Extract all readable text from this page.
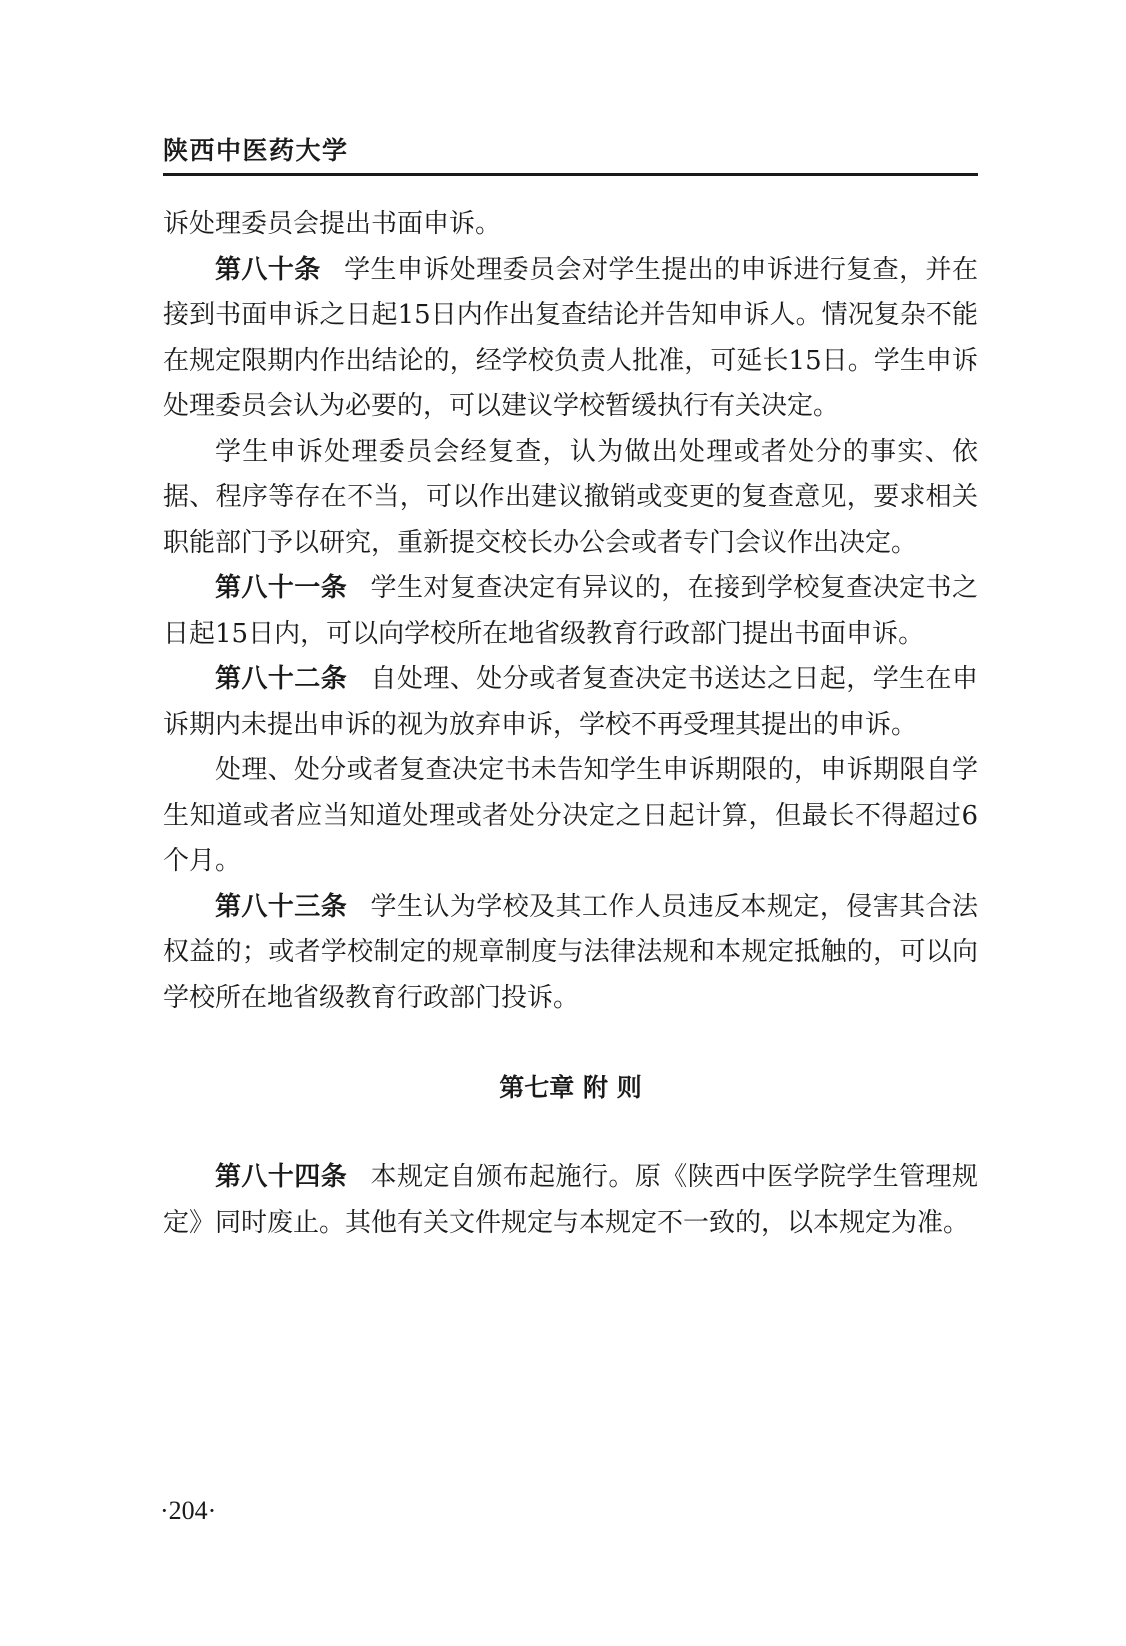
陕西中医药大学

诉处理委员会提出书面申诉。

第八十条 学生申诉处理委员会对学生提出的申诉进行复查，并在接到书面申诉之日起15日内作出复查结论并告知申诉人。情况复杂不能在规定限期内作出结论的，经学校负责人批准，可延长15日。学生申诉处理委员会认为必要的，可以建议学校暂缓执行有关决定。

学生申诉处理委员会经复查，认为做出处理或者处分的事实、依据、程序等存在不当，可以作出建议撤销或变更的复查意见，要求相关职能部门予以研究，重新提交校长办公会或者专门会议作出决定。

第八十一条 学生对复查决定有异议的，在接到学校复查决定书之日起15日内，可以向学校所在地省级教育行政部门提出书面申诉。

第八十二条 自处理、处分或者复查决定书送达之日起，学生在申诉期内未提出申诉的视为放弃申诉，学校不再受理其提出的申诉。

处理、处分或者复查决定书未告知学生申诉期限的，申诉期限自学生知道或者应当知道处理或者处分决定之日起计算，但最长不得超过6个月。

第八十三条 学生认为学校及其工作人员违反本规定，侵害其合法权益的；或者学校制定的规章制度与法律法规和本规定抵触的，可以向学校所在地省级教育行政部门投诉。

第七章 附 则

第八十四条 本规定自颁布起施行。原《陕西中医学院学生管理规定》同时废止。其他有关文件规定与本规定不一致的，以本规定为准。

·204·
